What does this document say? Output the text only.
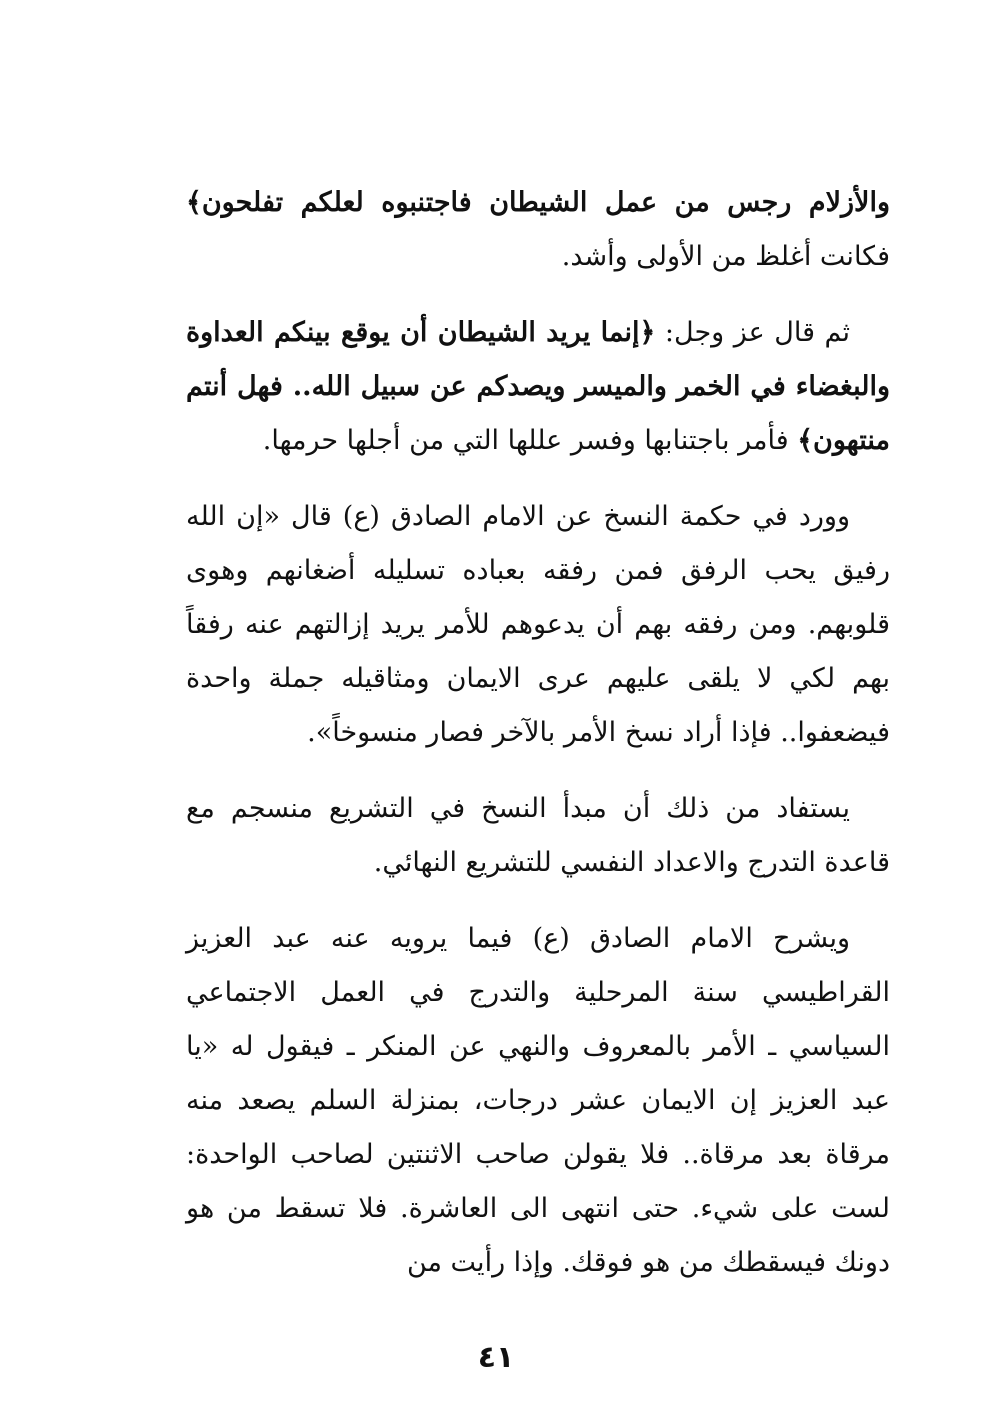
والأزلام رجس من عمل الشيطان فاجتنبوه لعلكم تفلحون﴾ فكانت أغلظ من الأولى وأشد.

ثم قال عز وجل: ﴿إنما يريد الشيطان أن يوقع بينكم العداوة والبغضاء في الخمر والميسر ويصدكم عن سبيل الله.. فهل أنتم منتهون﴾ فأمر باجتنابها وفسر عللها التي من أجلها حرمها.

وورد في حكمة النسخ عن الامام الصادق (ع) قال «إن الله رفيق يحب الرفق فمن رفقه بعباده تسليله أضغانهم وهوى قلوبهم. ومن رفقه بهم أن يدعوهم للأمر يريد إزالتهم عنه رفقاً بهم لكي لا يلقى عليهم عرى الايمان ومثاقيله جملة واحدة فيضعفوا.. فإذا أراد نسخ الأمر بالآخر فصار منسوخاً».

يستفاد من ذلك أن مبدأ النسخ في التشريع منسجم مع قاعدة التدرج والاعداد النفسي للتشريع النهائي.

ويشرح الامام الصادق (ع) فيما يرويه عنه عبد العزيز القراطيسي سنة المرحلية والتدرج في العمل الاجتماعي السياسي ـ الأمر بالمعروف والنهي عن المنكر ـ فيقول له «يا عبد العزيز إن الايمان عشر درجات، بمنزلة السلم يصعد منه مرقاة بعد مرقاة.. فلا يقولن صاحب الاثنتين لصاحب الواحدة: لست على شيء. حتى انتهى الى العاشرة. فلا تسقط من هو دونك فيسقطك من هو فوقك. وإذا رأيت من

٤١
